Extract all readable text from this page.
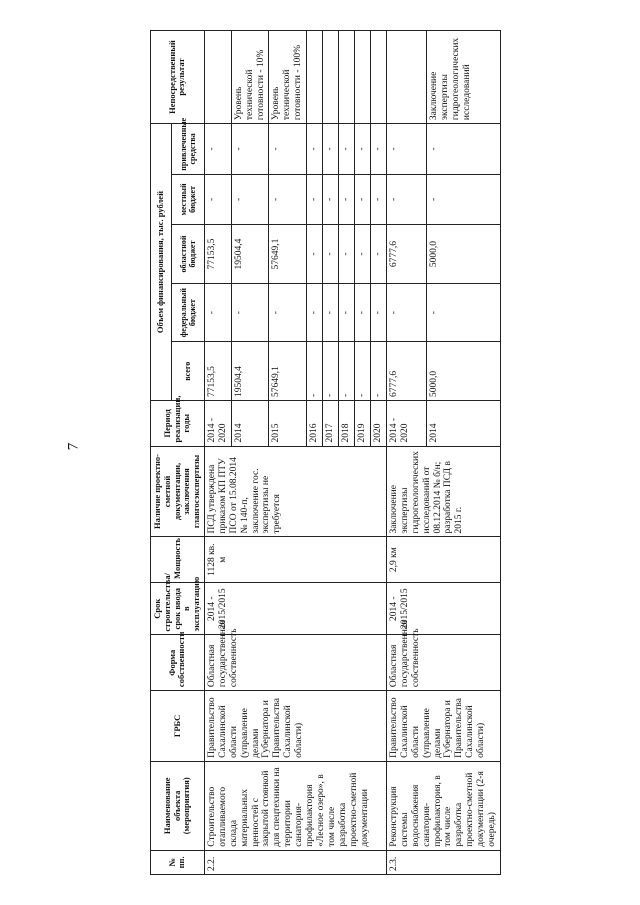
7
№ пп.	Наименование объекта (мероприятия)	ГРБС	Форма собственности	Срок строительства/срок ввода в эксплуатацию	Мощность	Наличие проектно-сметной документации, заключения главгосэкспертизы	Период реализации, годы	Объем финансирования, тыс. рублей					Непосредственный результат
								всего	федеральный бюджет	областной бюджет	местный бюджет	привлеченные средства	
2.2.	Строительство отапливаемого склада материальных ценностей с закрытой стоянкой для спецтехники на территории санатория-профилактория «Лесное озеро», в том числе разработка проектно-сметной документации	Правительство Сахалинской области (управление делами Губернатора и Правительства Сахалинской области)	Областная государственная собственность	2014 - 2015/2015	1128 кв. м	ПСД утверждена приказом КП ПТУ ПСО от 15.08.2014 № 140-п, заключение гос. экспертизы не требуется	2014 - 2020	77153,5	-	77153,5	-	-	
							2014	19504,4	-	19504,4	-	-	Уровень технической готовности - 10%
							2015	57649,1	-	57649,1	-	-	Уровень технической готовности - 100%
							2016	-	-	-	-	-	
							2017	-	-	-	-	-	
							2018	-	-	-	-	-	
							2019	-	-	-	-	-	
							2020	-	-	-	-	-	
2.3.	Реконструкция системы водоснабжения санатория-профилактория, в том числе разработка проектно-сметной документации (2-я очередь)	Правительство Сахалинской области (управление делами Губернатора и Правительства Сахалинской области)	Областная государственная собственность	2014 - 2015/2015	2,9 км	Заключение экспертизы гидрогеологических исследований от 08.12.2014 № б/н; разработка ПСД в 2015 г.	2014 - 2020	6777,6	-	6777,6	-	-	
							2014	5000,0	-	5000,0	-	-	Заключение экспертизы гидрогеологических исследований
